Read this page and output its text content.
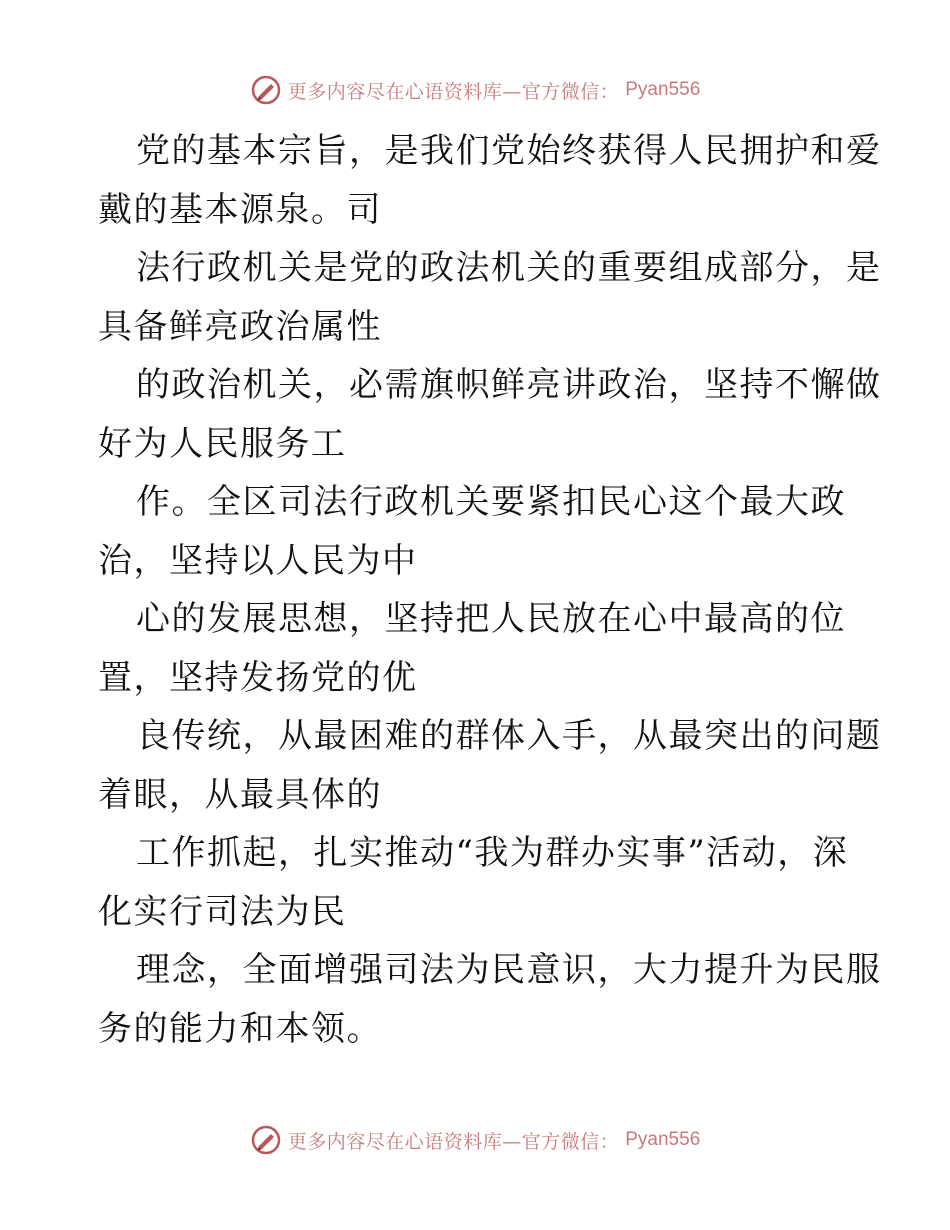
更多内容尽在心语资料库—官方微信： Pyan556
党的基本宗旨，是我们党始终获得人民拥护和爱
戴的基本源泉。司
法行政机关是党的政法机关的重要组成部分，是
具备鲜亮政治属性
的政治机关，必需旗帜鲜亮讲政治，坚持不懈做
好为人民服务工
作。全区司法行政机关要紧扣民心这个最大政
治，坚持以人民为中
心的发展思想，坚持把人民放在心中最高的位
置，坚持发扬党的优
良传统，从最困难的群体入手，从最突出的问题
着眼，从最具体的
工作抓起，扎实推动“我为群办实事”活动，深
化实行司法为民
理念，全面增强司法为民意识，大力提升为民服
务的能力和本领。
更多内容尽在心语资料库—官方微信： Pyan556
